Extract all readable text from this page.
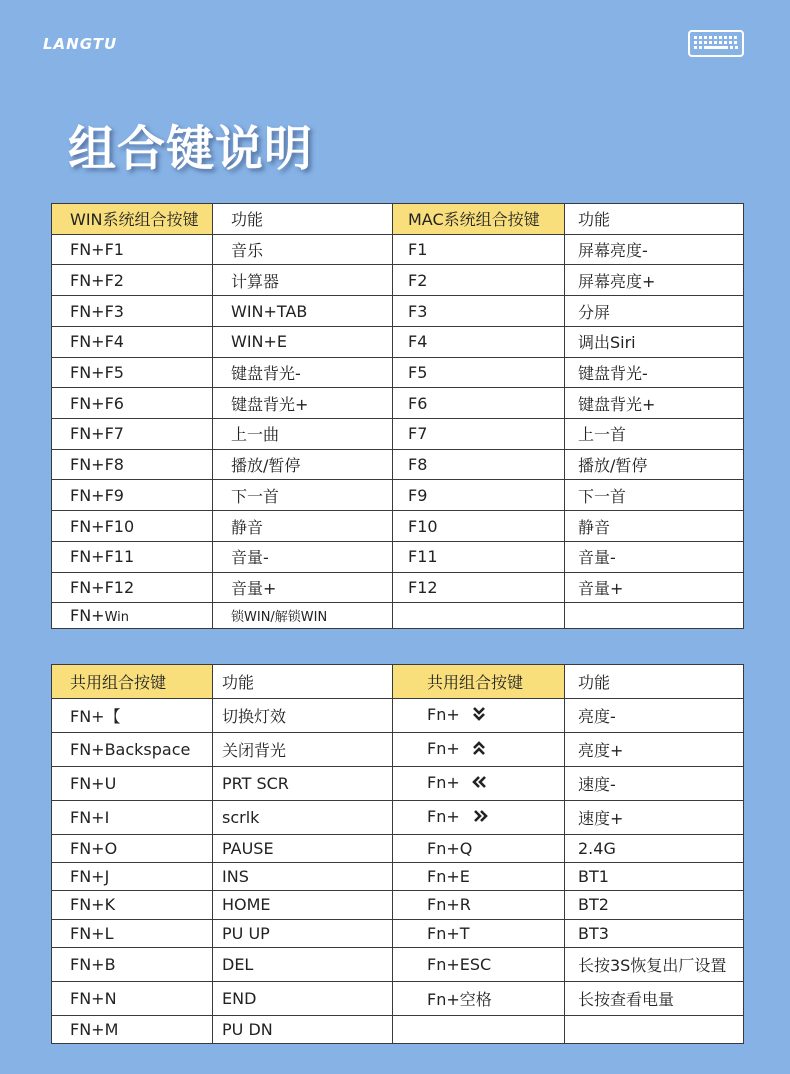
LANGTU
组合键说明
WIN系统组合按键	功能	MAC系统组合按键	功能
FN+F1	音乐	F1	屏幕亮度-
FN+F2	计算器	F2	屏幕亮度+
FN+F3	WIN+TAB	F3	分屏
FN+F4	WIN+E	F4	调出Siri
FN+F5	键盘背光-	F5	键盘背光-
FN+F6	键盘背光+	F6	键盘背光+
FN+F7	上一曲	F7	上一首
FN+F8	播放/暂停	F8	播放/暂停
FN+F9	下一首	F9	下一首
FN+F10	静音	F10	静音
FN+F11	音量-	F11	音量-
FN+F12	音量+	F12	音量+
FN+Win	锁WIN/解锁WIN		
共用组合按键	功能	共用组合按键	功能
FN+【	切换灯效	Fn+	亮度-
FN+Backspace	关闭背光	Fn+	亮度+
FN+U	PRT SCR	Fn+	速度-
FN+I	scrlk	Fn+	速度+
FN+O	PAUSE	Fn+Q	2.4G
FN+J	INS	Fn+E	BT1
FN+K	HOME	Fn+R	BT2
FN+L	PU UP	Fn+T	BT3
FN+B	DEL	Fn+ESC	长按3S恢复出厂设置
FN+N	END	Fn+空格	长按查看电量
FN+M	PU DN		
